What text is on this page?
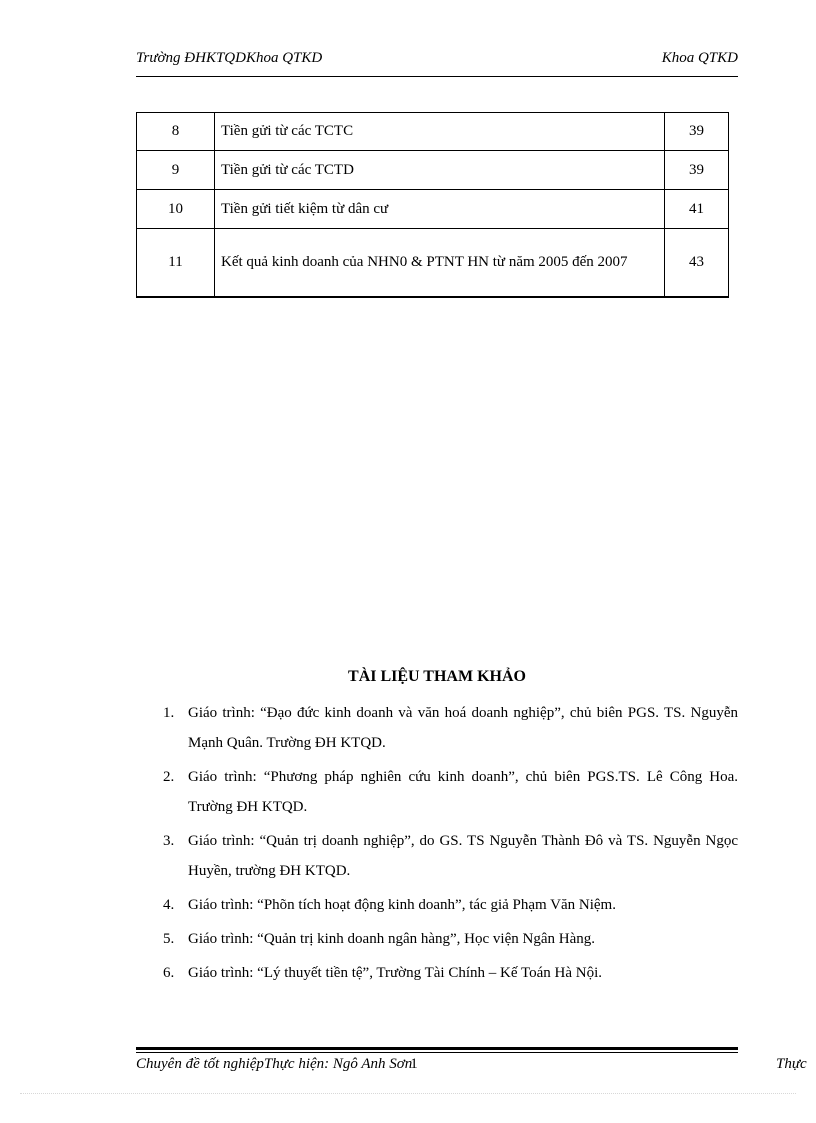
Trường ĐHKTQDKhoa QTKD	Khoa QTKD
8	Tiền gửi từ các TCTC	39
9	Tiền gửi từ các TCTD	39
10	Tiền gửi tiết kiệm từ dân cư	41
11	Kết quả kinh doanh của NHN0 & PTNT HN từ năm 2005 đến 2007	43
TÀI LIỆU THAM KHẢO
1. Giáo trình: “Đạo đức kinh doanh và văn hoá doanh nghiệp”, chủ biên PGS. TS. Nguyễn Mạnh Quân. Trường ĐH KTQD.
2. Giáo trình: “Phương pháp nghiên cứu kinh doanh”, chủ biên PGS.TS. Lê Công Hoa. Trường ĐH KTQD.
3. Giáo trình: “Quản trị doanh nghiệp”, do GS. TS Nguyễn Thành Đô và TS. Nguyễn Ngọc Huyền, trường ĐH KTQD.
4. Giáo trình: “Phõn tích hoạt động kinh doanh”, tác giả Phạm Văn Niệm.
5. Giáo trình: “Quản trị kinh doanh ngân hàng”, Học viện Ngân Hàng.
6. Giáo trình: “Lý thuyết tiền tệ”, Trường Tài Chính – Kế Toán Hà Nội.
Chuyên đề tốt nghiệpThực hiện: Ngô Anh Sơn1	Thực
